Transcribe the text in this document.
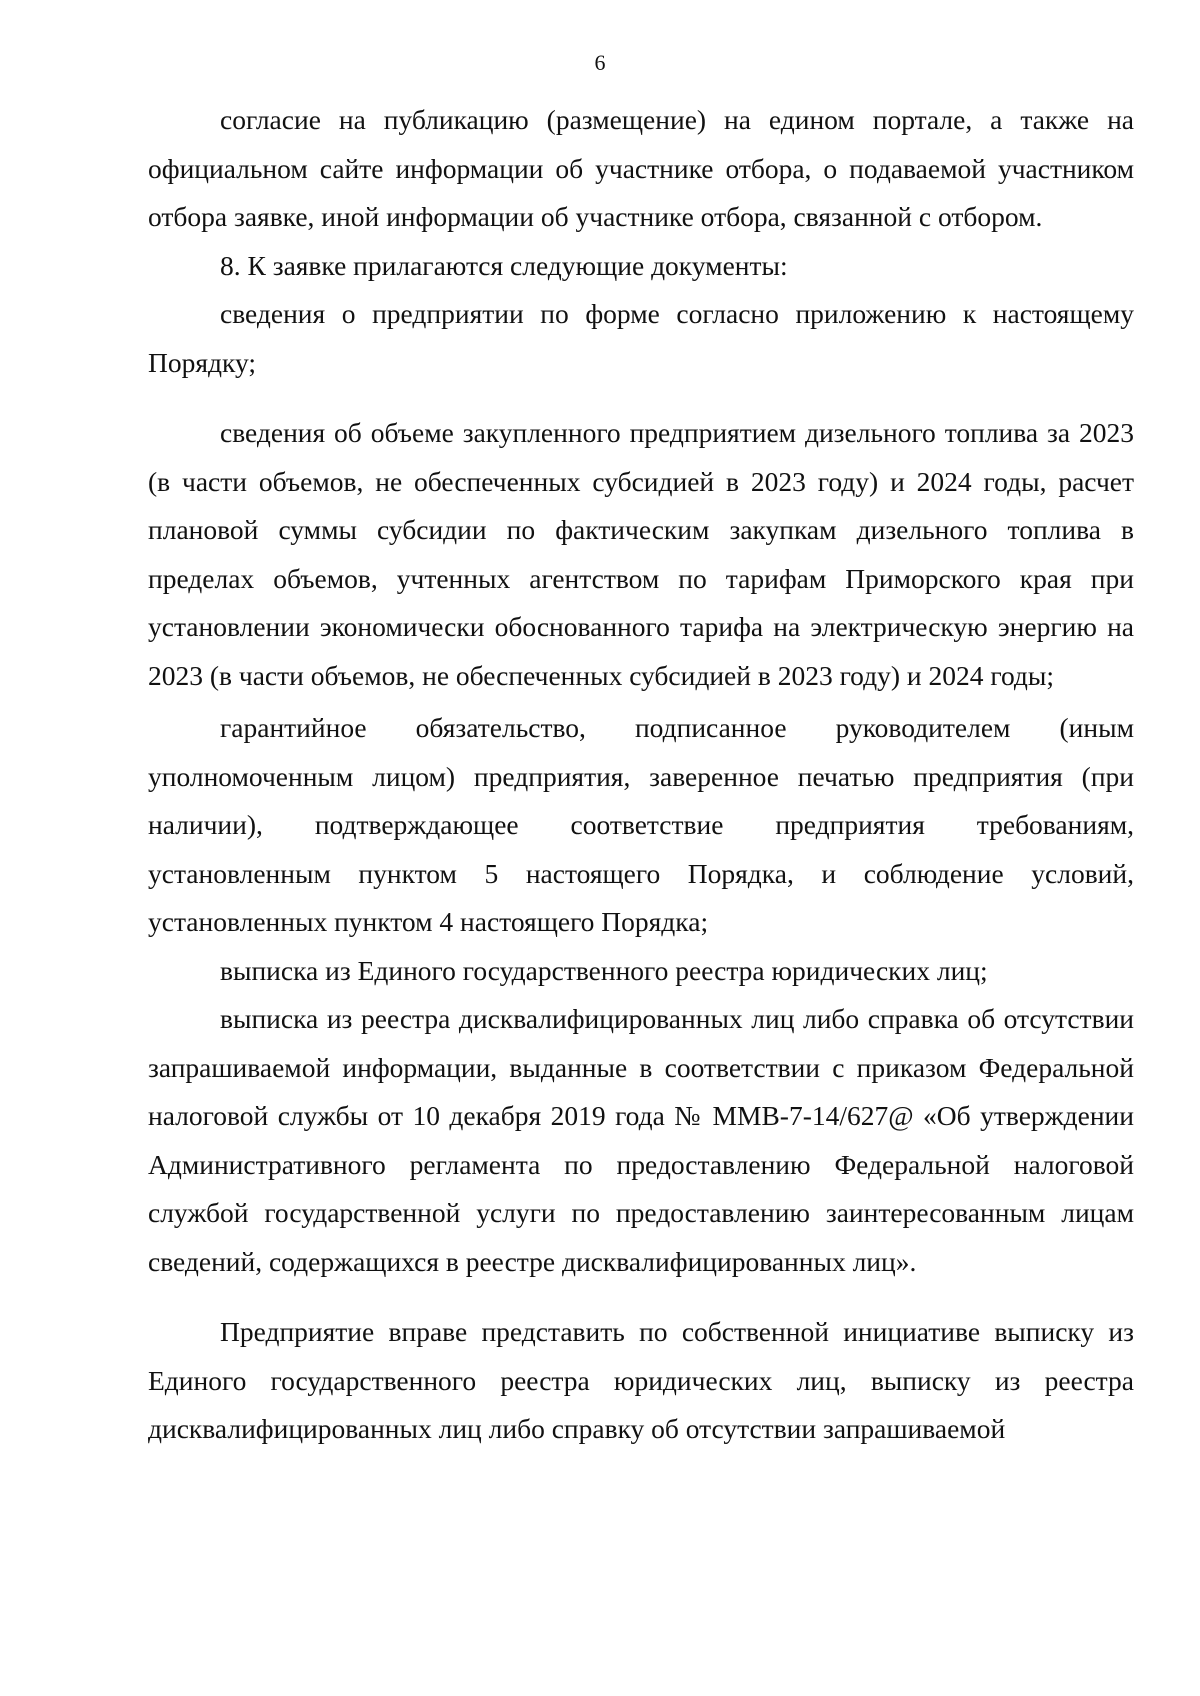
6

согласие на публикацию (размещение) на едином портале, а также на официальном сайте информации об участнике отбора, о подаваемой участником отбора заявке, иной информации об участнике отбора, связанной с отбором.

8. К заявке прилагаются следующие документы:

сведения о предприятии по форме согласно приложению к настоящему Порядку;

сведения об объеме закупленного предприятием дизельного топлива за 2023 (в части объемов, не обеспеченных субсидией в 2023 году) и 2024 годы, расчет плановой суммы субсидии по фактическим закупкам дизельного топлива в пределах объемов, учтенных агентством по тарифам Приморского края при установлении экономически обоснованного тарифа на электрическую энергию на 2023 (в части объемов, не обеспеченных субсидией в 2023 году) и 2024 годы;

гарантийное обязательство, подписанное руководителем (иным уполномоченным лицом) предприятия, заверенное печатью предприятия (при наличии), подтверждающее соответствие предприятия требованиям, установленным пунктом 5 настоящего Порядка, и соблюдение условий, установленных пунктом 4 настоящего Порядка;

выписка из Единого государственного реестра юридических лиц;

выписка из реестра дисквалифицированных лиц либо справка об отсутствии запрашиваемой информации, выданные в соответствии с приказом Федеральной налоговой службы от 10 декабря 2019 года № ММВ-7-14/627@ «Об утверждении Административного регламента по предоставлению Федеральной налоговой службой государственной услуги по предоставлению заинтересованным лицам сведений, содержащихся в реестре дисквалифицированных лиц».

Предприятие вправе представить по собственной инициативе выписку из Единого государственного реестра юридических лиц, выписку из реестра дисквалифицированных лиц либо справку об отсутствии запрашиваемой
